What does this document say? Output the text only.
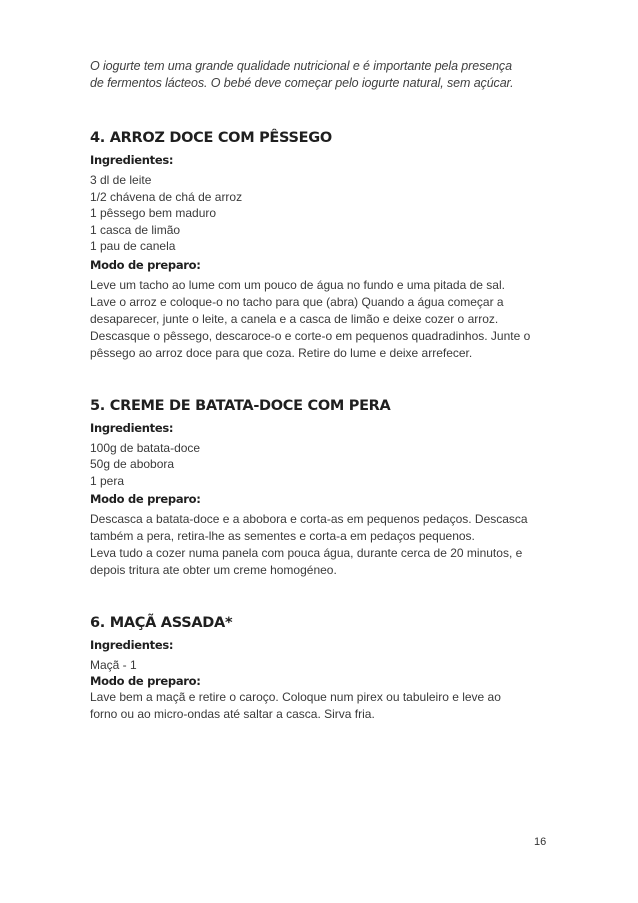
O iogurte tem uma grande qualidade nutricional e é importante pela presença
de fermentos lácteos. O bebé deve começar pelo iogurte natural, sem açúcar.

4. ARROZ DOCE COM PÊSSEGO
Ingredientes:
3 dl de leite
1/2 chávena de chá de arroz
1 pêssego bem maduro
1 casca de limão
1 pau de canela
Modo de preparo:

Leve um tacho ao lume com um pouco de água no fundo e uma pitada de sal.
Lave o arroz e coloque-o no tacho para que (abra) Quando a água começar a
desaparecer, junte o leite, a canela e a casca de limão e deixe cozer o arroz.
Descasque o pêssego, descaroce-o e corte-o em pequenos quadradinhos. Junte o
pêssego ao arroz doce para que coza. Retire do lume e deixe arrefecer.

5. CREME DE BATATA-DOCE COM PERA
Ingredientes:
100g de batata-doce
50g de abobora
1 pera
Modo de preparo:

Descasca a batata-doce e a abobora e corta-as em pequenos pedaços. Descasca
também a pera, retira-lhe as sementes e corta-a em pedaços pequenos.
Leva tudo a cozer numa panela com pouca água, durante cerca de 20 minutos, e
depois tritura ate obter um creme homogéneo.

6. MAÇÃ ASSADA*
Ingredientes:
Maçã - 1
Modo de preparo:

Lave bem a maçã e retire o caroço. Coloque num pirex ou tabuleiro e leve ao
forno ou ao micro-ondas até saltar a casca. Sirva fria.

16
